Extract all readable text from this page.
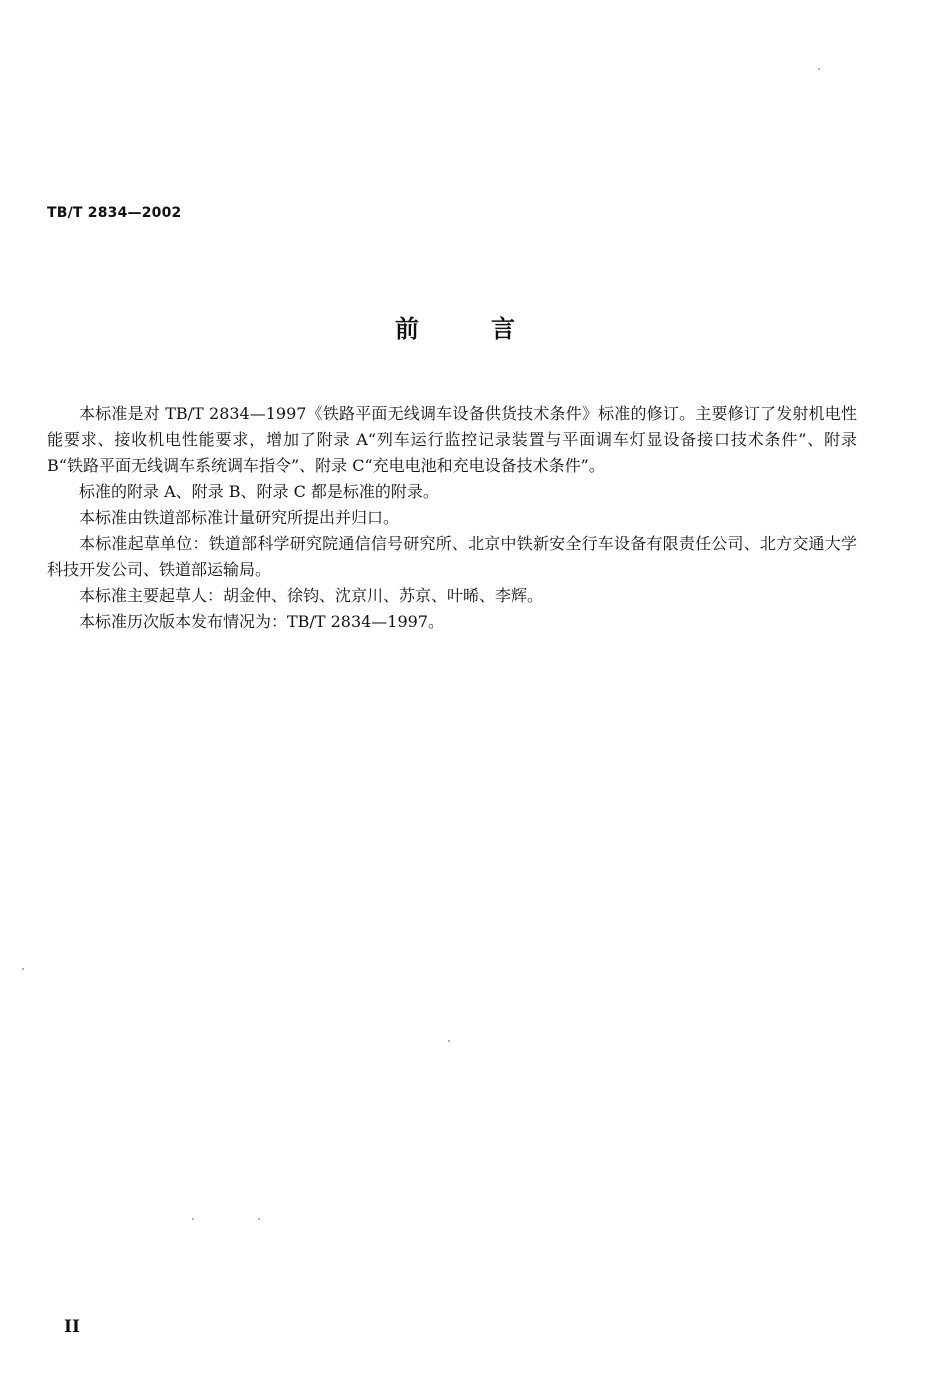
TB/T 2834—2002
前	言

本标准是对 TB/T 2834—1997《铁路平面无线调车设备供货技术条件》标准的修订。主要修订了发射机电性能要求、接收机电性能要求，增加了附录 A“列车运行监控记录装置与平面调车灯显设备接口技术条件”、附录 B“铁路平面无线调车系统调车指令”、附录 C“充电电池和充电设备技术条件”。

标准的附录 A、附录 B、附录 C 都是标准的附录。

本标准由铁道部标准计量研究所提出并归口。

本标准起草单位：铁道部科学研究院通信信号研究所、北京中铁新安全行车设备有限责任公司、北方交通大学科技开发公司、铁道部运输局。

本标准主要起草人：胡金仲、徐钧、沈京川、苏京、叶晞、李辉。

本标准历次版本发布情况为：TB/T 2834—1997。

II
